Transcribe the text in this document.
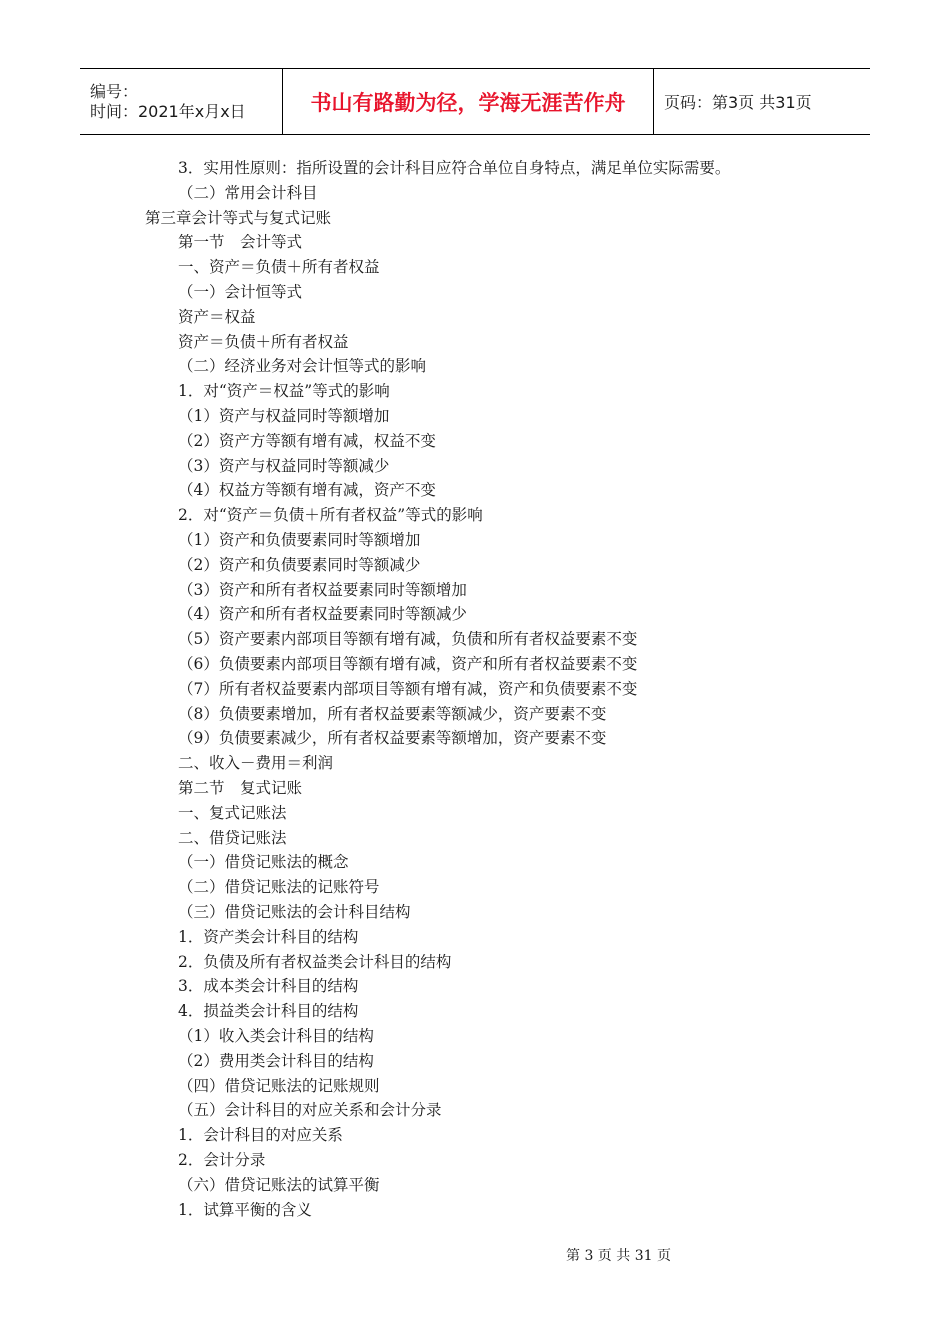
编号：
时间：2021年x月x日	书山有路勤为径，学海无涯苦作舟	页码：第3页 共31页
3．实用性原则：指所设置的会计科目应符合单位自身特点，满足单位实际需要。
（二）常用会计科目
第三章会计等式与复式记账
第一节　会计等式
一、资产＝负债＋所有者权益
（一）会计恒等式
资产＝权益
资产＝负债＋所有者权益
（二）经济业务对会计恒等式的影响
1．对“资产＝权益”等式的影响
（1）资产与权益同时等额增加
（2）资产方等额有增有减，权益不变
（3）资产与权益同时等额减少
（4）权益方等额有增有减，资产不变
2．对“资产＝负债＋所有者权益”等式的影响
（1）资产和负债要素同时等额增加
（2）资产和负债要素同时等额减少
（3）资产和所有者权益要素同时等额增加
（4）资产和所有者权益要素同时等额减少
（5）资产要素内部项目等额有增有减，负债和所有者权益要素不变
（6）负债要素内部项目等额有增有减，资产和所有者权益要素不变
（7）所有者权益要素内部项目等额有增有减，资产和负债要素不变
（8）负债要素增加，所有者权益要素等额减少，资产要素不变
（9）负债要素减少，所有者权益要素等额增加，资产要素不变
二、收入－费用＝利润
第二节　复式记账
一、复式记账法
二、借贷记账法
（一）借贷记账法的概念
（二）借贷记账法的记账符号
（三）借贷记账法的会计科目结构
1．资产类会计科目的结构
2．负债及所有者权益类会计科目的结构
3．成本类会计科目的结构
4．损益类会计科目的结构
（1）收入类会计科目的结构
（2）费用类会计科目的结构
（四）借贷记账法的记账规则
（五）会计科目的对应关系和会计分录
1．会计科目的对应关系
2．会计分录
（六）借贷记账法的试算平衡
1．试算平衡的含义
第 3 页 共 31 页
